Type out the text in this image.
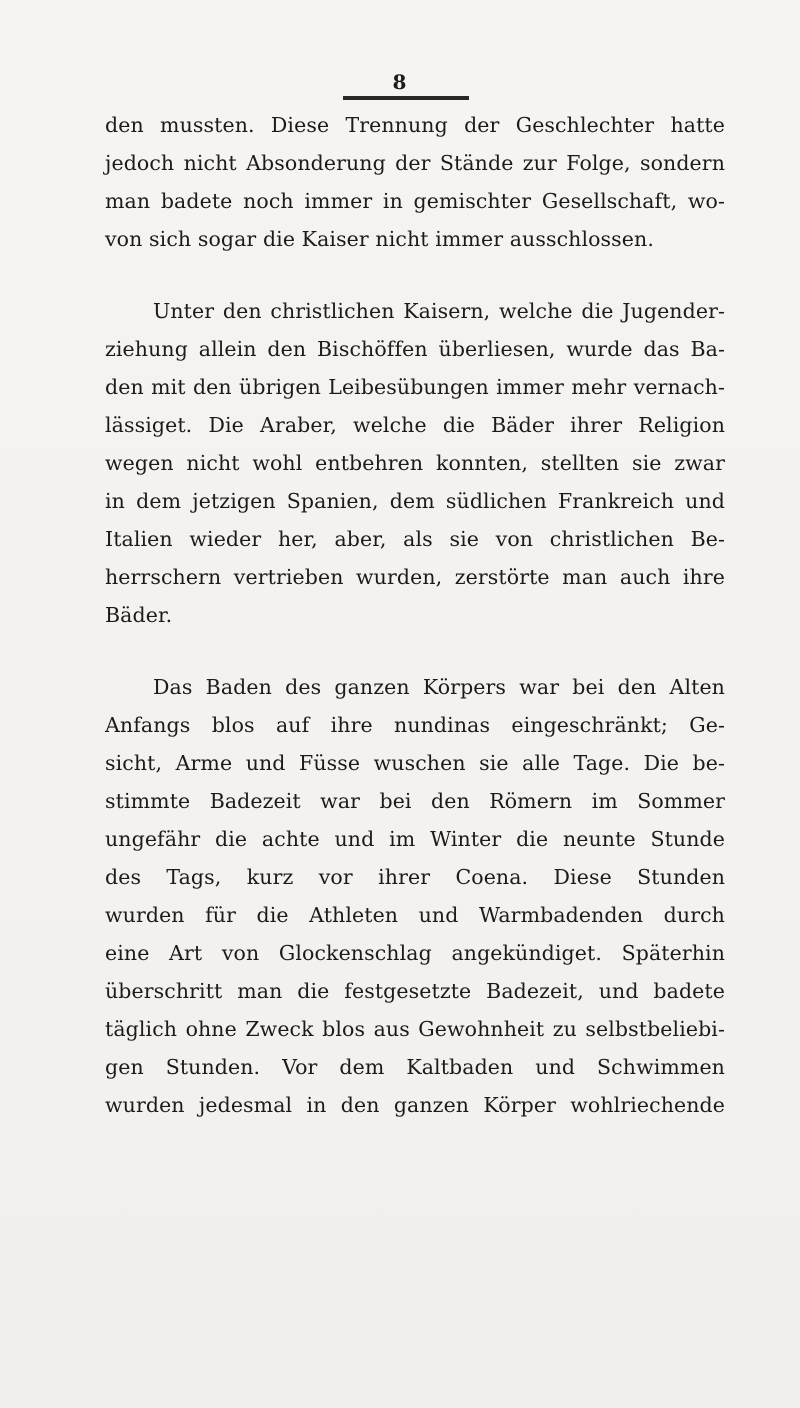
8
den mussten. Diese Trennung der Geschlechter hatte
jedoch nicht Absonderung der Stände zur Folge, sondern
man badete noch immer in gemischter Gesellschaft, wo-
von sich sogar die Kaiser nicht immer ausschlossen.
Unter den christlichen Kaisern, welche die Jugender-
ziehung allein den Bischöffen überliesen, wurde das Ba-
den mit den übrigen Leibesübungen immer mehr vernach-
lässiget. Die Araber, welche die Bäder ihrer Religion
wegen nicht wohl entbehren konnten, stellten sie zwar
in dem jetzigen Spanien, dem südlichen Frankreich und
Italien wieder her, aber, als sie von christlichen Be-
herrschern vertrieben wurden, zerstörte man auch ihre
Bäder.
Das Baden des ganzen Körpers war bei den Alten
Anfangs blos auf ihre nundinas eingeschränkt; Ge-
sicht, Arme und Füsse wuschen sie alle Tage. Die be-
stimmte Badezeit war bei den Römern im Sommer
ungefähr die achte und im Winter die neunte Stunde
des Tags, kurz vor ihrer Coena. Diese Stunden
wurden für die Athleten und Warmbadenden durch
eine Art von Glockenschlag angekündiget. Späterhin
überschritt man die festgesetzte Badezeit, und badete
täglich ohne Zweck blos aus Gewohnheit zu selbstbeliebi-
gen Stunden. Vor dem Kaltbaden und Schwimmen
wurden jedesmal in den ganzen Körper wohlriechende
